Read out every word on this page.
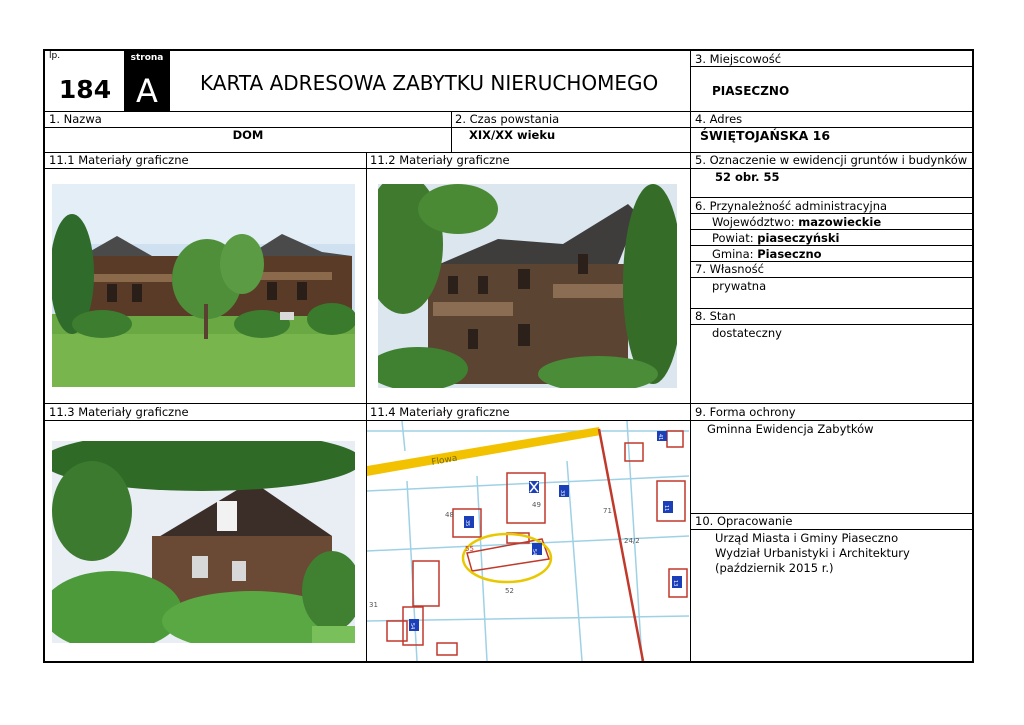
lp.
184
strona
A	KARTA ADRESOWA ZABYTKU NIERUCHOMEGO
3. Miejscowość
PIASECZNO
1. Nazwa
DOM
2. Czas powstania
XIX/XX wieku
4. Adres
ŚWIĘTOJAŃSKA 16
11.1 Materiały graficzne	11.2 Materiały graficzne
11.3 Materiały graficzne	11.4 Materiały graficzne
5. Oznaczenie w ewidencji gruntów i budynków
52 obr. 55
6. Przynależność administracyjna
Województwo: mazowieckie
Powiat: piaseczyński
Gmina: Piaseczno
7. Własność
prywatna
8. Stan
dostateczny
9. Forma ochrony
Gminna Ewidencja Zabytków
10. Opracowanie
Urząd Miasta i Gminy Piaseczno
Wydział Urbanistyki i Architektury
(październik 2015 r.)
Flowa
55
52
49
48	71
24/2
31
54
33
35
11
41
13
54
